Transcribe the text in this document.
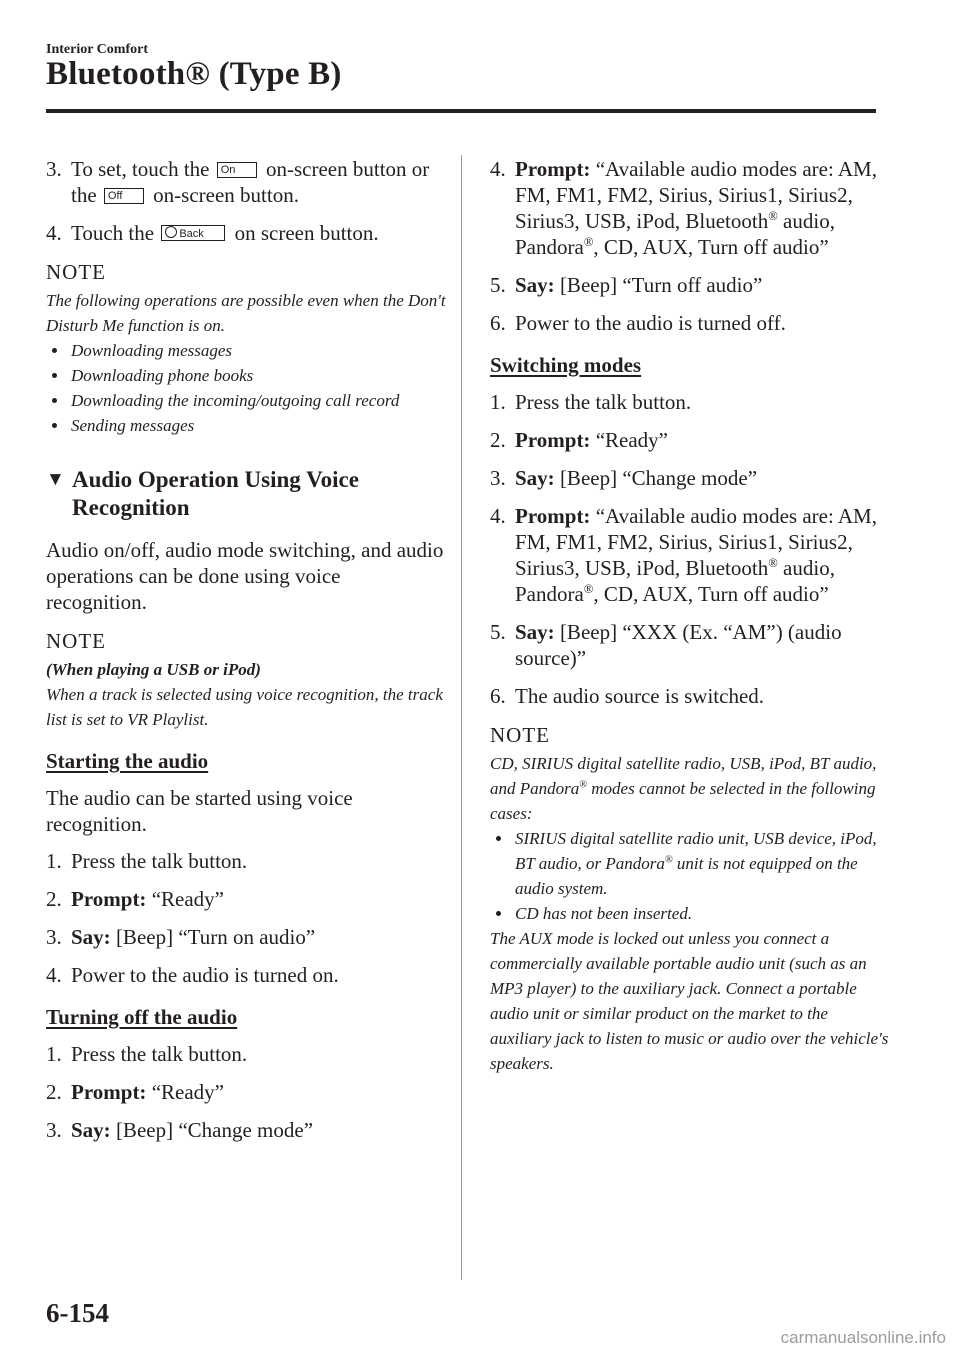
Interior Comfort
Bluetooth® (Type B)
3. To set, touch the On on-screen button or the Off on-screen button.
4. Touch the Back on screen button.
NOTE

The following operations are possible even when the Don't Disturb Me function is on.

Downloading messages
Downloading phone books
Downloading the incoming/outgoing call record
Sending messages
▼ Audio Operation Using Voice Recognition

Audio on/off, audio mode switching, and audio operations can be done using voice recognition.

NOTE

(When playing a USB or iPod)

When a track is selected using voice recognition, the track list is set to VR Playlist.

Starting the audio

The audio can be started using voice recognition.

1. Press the talk button.
2. Prompt: “Ready”
3. Say: [Beep] “Turn on audio”
4. Power to the audio is turned on.
Turning off the audio
1. Press the talk button.
2. Prompt: “Ready”
3. Say: [Beep] “Change mode”
4. Prompt: “Available audio modes are: AM, FM, FM1, FM2, Sirius, Sirius1, Sirius2, Sirius3, USB, iPod, Bluetooth® audio, Pandora®, CD, AUX, Turn off audio”
5. Say: [Beep] “Turn off audio”
6. Power to the audio is turned off.
Switching modes
1. Press the talk button.
2. Prompt: “Ready”
3. Say: [Beep] “Change mode”
4. Prompt: “Available audio modes are: AM, FM, FM1, FM2, Sirius, Sirius1, Sirius2, Sirius3, USB, iPod, Bluetooth® audio, Pandora®, CD, AUX, Turn off audio”
5. Say: [Beep] “XXX (Ex. “AM”) (audio source)”
6. The audio source is switched.
NOTE

CD, SIRIUS digital satellite radio, USB, iPod, BT audio, and Pandora® modes cannot be selected in the following cases:

SIRIUS digital satellite radio unit, USB device, iPod, BT audio, or Pandora® unit is not equipped on the audio system.
CD has not been inserted.

The AUX mode is locked out unless you connect a commercially available portable audio unit (such as an MP3 player) to the auxiliary jack. Connect a portable audio unit or similar product on the market to the auxiliary jack to listen to music or audio over the vehicle's speakers.

6-154
carmanualsonline.info
